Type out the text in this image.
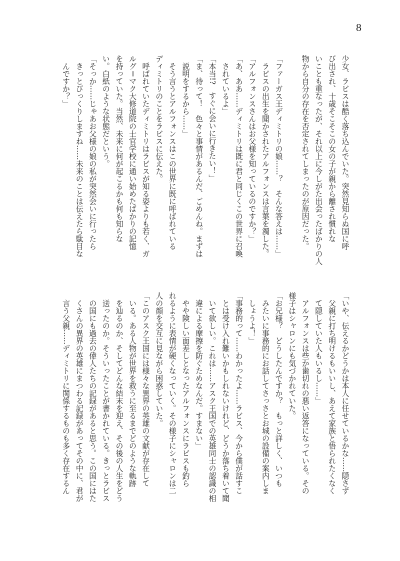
8
少女、ラビスは酷く落ち込んでいた。突然見知らぬ国に呼
び出され、十歳そこそこの女の子が親から離され慣れな
いことも重なったが、それ以上に今しがた出会ったばかりの人
物から自分の存在を否定されてしまったのが原因だった。
「ファーガス王ディミトリの娘……？　そんな答えは……」
　ラビスの出生を聞かされたアルフォンスは言葉を濁した。
「アルフォンスさんはお父様を知っているのですか？」
「あ、ああ……ディミトリは既に君と同じくこの世界に召喚
　されているよ」
「本当!?　すぐに会いに行きたい！」
「ま、待って！　色々と事情があるんだ、ごめんね。まずは
　説明をするから……」
　そう言うとアルフォンスはこの世界に既に呼ばれている
ディミトリのことをラビスに伝えた。
　呼ばれていたディミトリはラビスが知る姿よりも若く、ガ
ルグ＝マク大修道院の士官学校に通い始めたばかりの記憶
を持っていた。当然、未来に何が起こるかも何も知らな
い。白紙のような状態だという。
「そっか……じゃあお父様の娘の私が突然会いに行ったら
　きっとびっくりしますね……未来のことは伝えたら駄目な
　んですか？」
「いや、伝えるかどうかは本人に任せているかな……隠さず
　父親に打ち明けるもいいし、あえて家族と悟られたくなく
　て隠していた人もいるし……」
　アルフォンスは些か歯切れの悪い返答になっている。その
様子はシャロンにも気づかれていた。
「お兄様？　どうしたんですか？　もっと詳しく、いつも
　みたいに事務的にお話してさっさとお城の設備の案内しま
　しょうよ！」
「事務的って……わかったよ……ラビス、今から僕が話すこ
　とは受け入れ難いかもしれないけれど、どうか落ち着いて聞
　いて欲しい。これは……アスク王国での英雄同士の認識の相
　違による摩擦を防ぐためなんだ。すまない」
　やや険しい面差しとなったアルフォンスにラビスも釣ら
れるように表情が硬くなっていく。その様子にシャロンは二
人の顔を交互に見ながら困惑していた。
「このアスク王国には様々な異界の英雄の文献が存在して
　いる。ある人物が世界を救うに至るまでどのような軌跡
　を辿るのか、そしてどんな結末を迎え、その後の人生をどう
　送ったのか。そういったことが書かれている。きっとラビス
　の国にも過去の偉人たちの記録があると思う。この国にはた
　くさんの異界の英雄にまつわる記録があってその中に、君が
　言う父親……ディミトリに関係するものも多く存在するん
